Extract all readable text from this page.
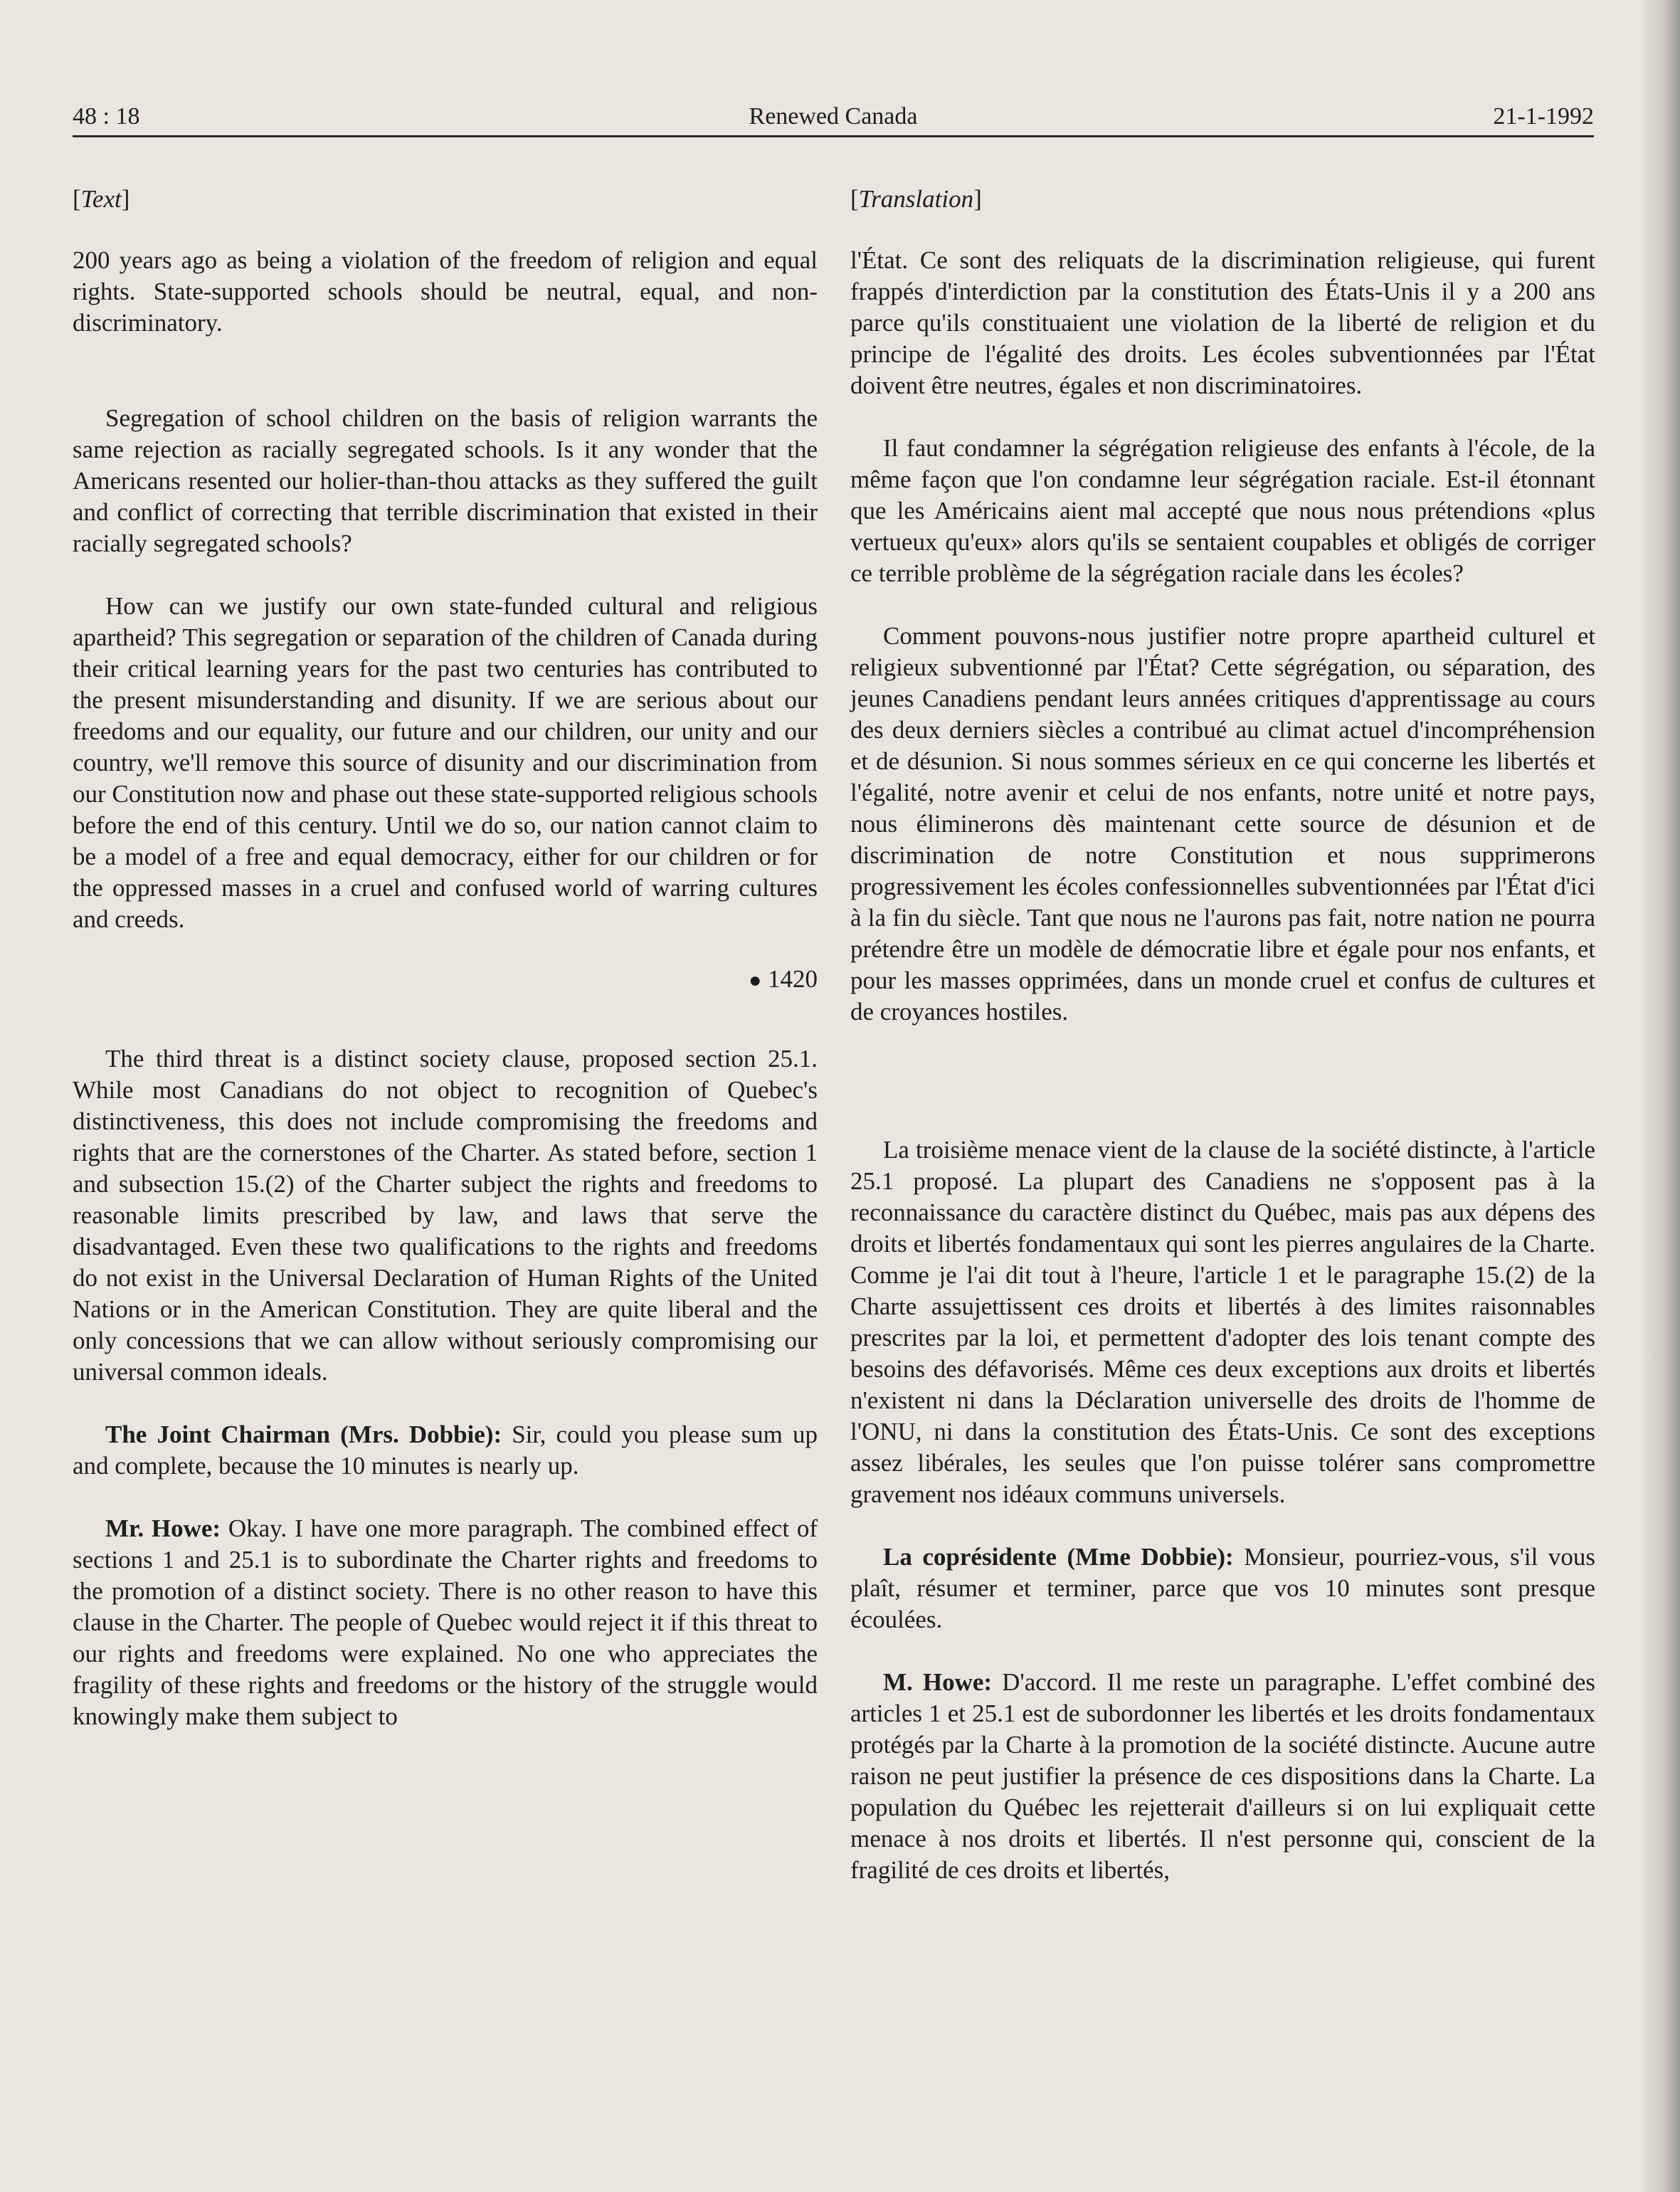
48 : 18	Renewed Canada	21-1-1992
[Text]

200 years ago as being a violation of the freedom of religion and equal rights. State-supported schools should be neutral, equal, and non-discriminatory.

Segregation of school children on the basis of religion warrants the same rejection as racially segregated schools. Is it any wonder that the Americans resented our holier-than-thou attacks as they suffered the guilt and conflict of correcting that terrible discrimination that existed in their racially segregated schools?

How can we justify our own state-funded cultural and religious apartheid? This segregation or separation of the children of Canada during their critical learning years for the past two centuries has contributed to the present misunderstanding and disunity. If we are serious about our freedoms and our equality, our future and our children, our unity and our country, we'll remove this source of disunity and our discrimination from our Constitution now and phase out these state-supported religious schools before the end of this century. Until we do so, our nation cannot claim to be a model of a free and equal democracy, either for our children or for the oppressed masses in a cruel and confused world of warring cultures and creeds.

● 1420

The third threat is a distinct society clause, proposed section 25.1. While most Canadians do not object to recognition of Quebec's distinctiveness, this does not include compromising the freedoms and rights that are the cornerstones of the Charter. As stated before, section 1 and subsection 15.(2) of the Charter subject the rights and freedoms to reasonable limits prescribed by law, and laws that serve the disadvantaged. Even these two qualifications to the rights and freedoms do not exist in the Universal Declaration of Human Rights of the United Nations or in the American Constitution. They are quite liberal and the only concessions that we can allow without seriously compromising our universal common ideals.

The Joint Chairman (Mrs. Dobbie): Sir, could you please sum up and complete, because the 10 minutes is nearly up.

Mr. Howe: Okay. I have one more paragraph. The combined effect of sections 1 and 25.1 is to subordinate the Charter rights and freedoms to the promotion of a distinct society. There is no other reason to have this clause in the Charter. The people of Quebec would reject it if this threat to our rights and freedoms were explained. No one who appreciates the fragility of these rights and freedoms or the history of the struggle would knowingly make them subject to

[Translation]

l'État. Ce sont des reliquats de la discrimination religieuse, qui furent frappés d'interdiction par la constitution des États-Unis il y a 200 ans parce qu'ils constituaient une violation de la liberté de religion et du principe de l'égalité des droits. Les écoles subventionnées par l'État doivent être neutres, égales et non discriminatoires.

Il faut condamner la ségrégation religieuse des enfants à l'école, de la même façon que l'on condamne leur ségrégation raciale. Est-il étonnant que les Américains aient mal accepté que nous nous prétendions «plus vertueux qu'eux» alors qu'ils se sentaient coupables et obligés de corriger ce terrible problème de la ségrégation raciale dans les écoles?

Comment pouvons-nous justifier notre propre apartheid culturel et religieux subventionné par l'État? Cette ségrégation, ou séparation, des jeunes Canadiens pendant leurs années critiques d'apprentissage au cours des deux derniers siècles a contribué au climat actuel d'incompréhension et de désunion. Si nous sommes sérieux en ce qui concerne les libertés et l'égalité, notre avenir et celui de nos enfants, notre unité et notre pays, nous éliminerons dès maintenant cette source de désunion et de discrimination de notre Constitution et nous supprimerons progressivement les écoles confessionnelles subventionnées par l'État d'ici à la fin du siècle. Tant que nous ne l'aurons pas fait, notre nation ne pourra prétendre être un modèle de démocratie libre et égale pour nos enfants, et pour les masses opprimées, dans un monde cruel et confus de cultures et de croyances hostiles.

La troisième menace vient de la clause de la société distincte, à l'article 25.1 proposé. La plupart des Canadiens ne s'opposent pas à la reconnaissance du caractère distinct du Québec, mais pas aux dépens des droits et libertés fondamentaux qui sont les pierres angulaires de la Charte. Comme je l'ai dit tout à l'heure, l'article 1 et le paragraphe 15.(2) de la Charte assujettissent ces droits et libertés à des limites raisonnables prescrites par la loi, et permettent d'adopter des lois tenant compte des besoins des défavorisés. Même ces deux exceptions aux droits et libertés n'existent ni dans la Déclaration universelle des droits de l'homme de l'ONU, ni dans la constitution des États-Unis. Ce sont des exceptions assez libérales, les seules que l'on puisse tolérer sans compromettre gravement nos idéaux communs universels.

La coprésidente (Mme Dobbie): Monsieur, pourriez-vous, s'il vous plaît, résumer et terminer, parce que vos 10 minutes sont presque écoulées.

M. Howe: D'accord. Il me reste un paragraphe. L'effet combiné des articles 1 et 25.1 est de subordonner les libertés et les droits fondamentaux protégés par la Charte à la promotion de la société distincte. Aucune autre raison ne peut justifier la présence de ces dispositions dans la Charte. La population du Québec les rejetterait d'ailleurs si on lui expliquait cette menace à nos droits et libertés. Il n'est personne qui, conscient de la fragilité de ces droits et libertés,
